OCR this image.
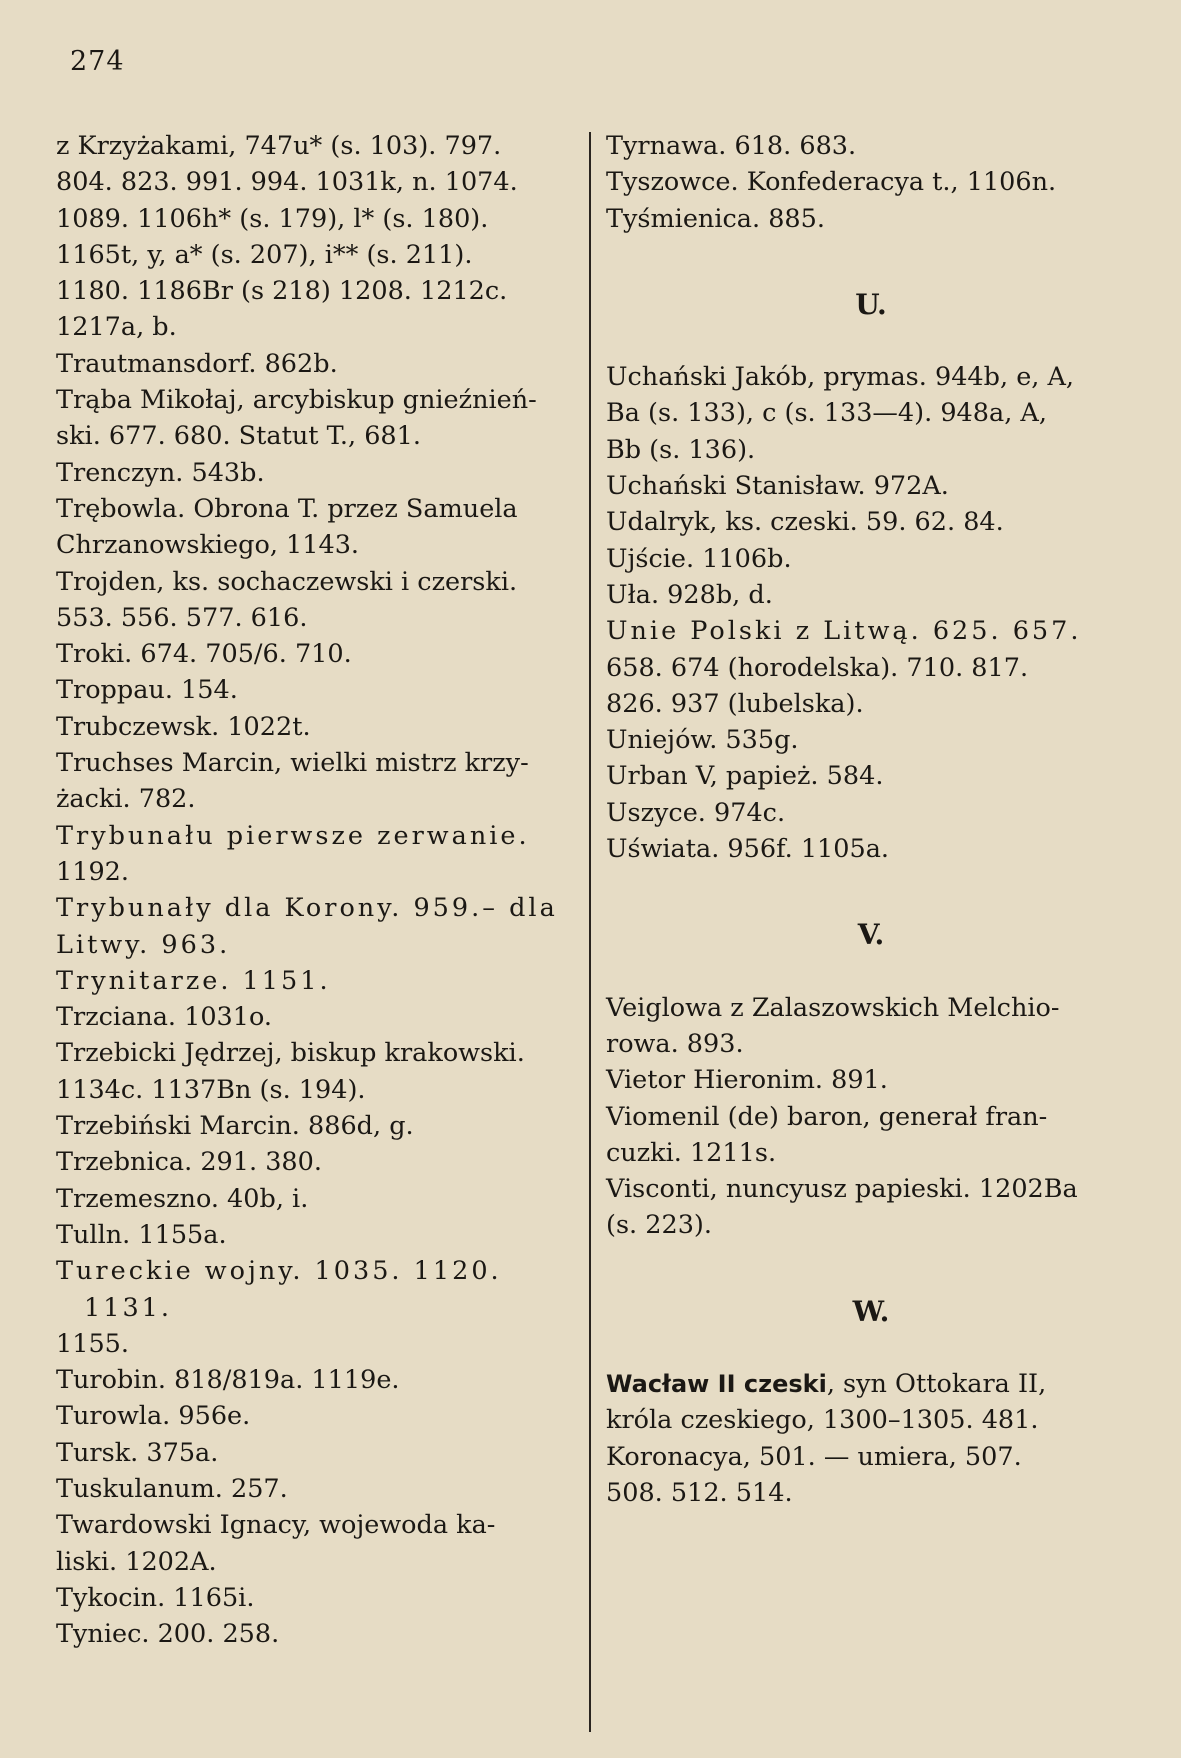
274

z Krzyżakami, 747u* (s. 103). 797.
804. 823. 991. 994. 1031k, n. 1074.
1089. 1106h* (s. 179), l* (s. 180).
1165t, y, a* (s. 207), i** (s. 211).
1180. 1186Br (s 218) 1208. 1212c.
1217a, b.

Trautmansdorf. 862b.

Trąba Mikołaj, arcybiskup gnieźnień-
ski. 677. 680. Statut T., 681.

Trenczyn. 543b.

Trębowla. Obrona T. przez Samuela
Chrzanowskiego, 1143.

Trojden, ks. sochaczewski i czerski.
553. 556. 577. 616.

Troki. 674. 705/6. 710.

Troppau. 154.

Trubczewsk. 1022t.

Truchses Marcin, wielki mistrz krzy-
żacki. 782.

Trybunału pierwsze zerwanie.
1192.

Trybunały dla Korony. 959.– dla
Litwy. 963.

Trynitarze. 1151.

Trzciana. 1031o.

Trzebicki Jędrzej, biskup krakowski.
1134c. 1137Bn (s. 194).

Trzebiński Marcin. 886d, g.

Trzebnica. 291. 380.

Trzemeszno. 40b, i.

Tulln. 1155a.

Tureckie wojny. 1035. 1120. 1131.
1155.

Turobin. 818/819a. 1119e.

Turowla. 956e.

Tursk. 375a.

Tuskulanum. 257.

Twardowski Ignacy, wojewoda ka-
liski. 1202A.

Tykocin. 1165i.

Tyniec. 200. 258.

Tyrnawa. 618. 683.

Tyszowce. Konfederacya t., 1106n.

Tyśmienica. 885.

U.

Uchański Jakób, prymas. 944b, e, A,
Ba (s. 133), c (s. 133—4). 948a, A,
Bb (s. 136).

Uchański Stanisław. 972A.

Udalryk, ks. czeski. 59. 62. 84.

Ujście. 1106b.

Uła. 928b, d.

Unie Polski z Litwą. 625. 657.
658. 674 (horodelska). 710. 817.
826. 937 (lubelska).

Uniejów. 535g.

Urban V, papież. 584.

Uszyce. 974c.

Uświata. 956f. 1105a.

V.

Veiglowa z Zalaszowskich Melchio-
rowa. 893.

Vietor Hieronim. 891.

Viomenil (de) baron, generał fran-
cuzki. 1211s.

Visconti, nuncyusz papieski. 1202Ba
(s. 223).

W.

Wacław II czeski, syn Ottokara II,
króla czeskiego, 1300–1305. 481.
Koronacya, 501. — umiera, 507.
508. 512. 514.
